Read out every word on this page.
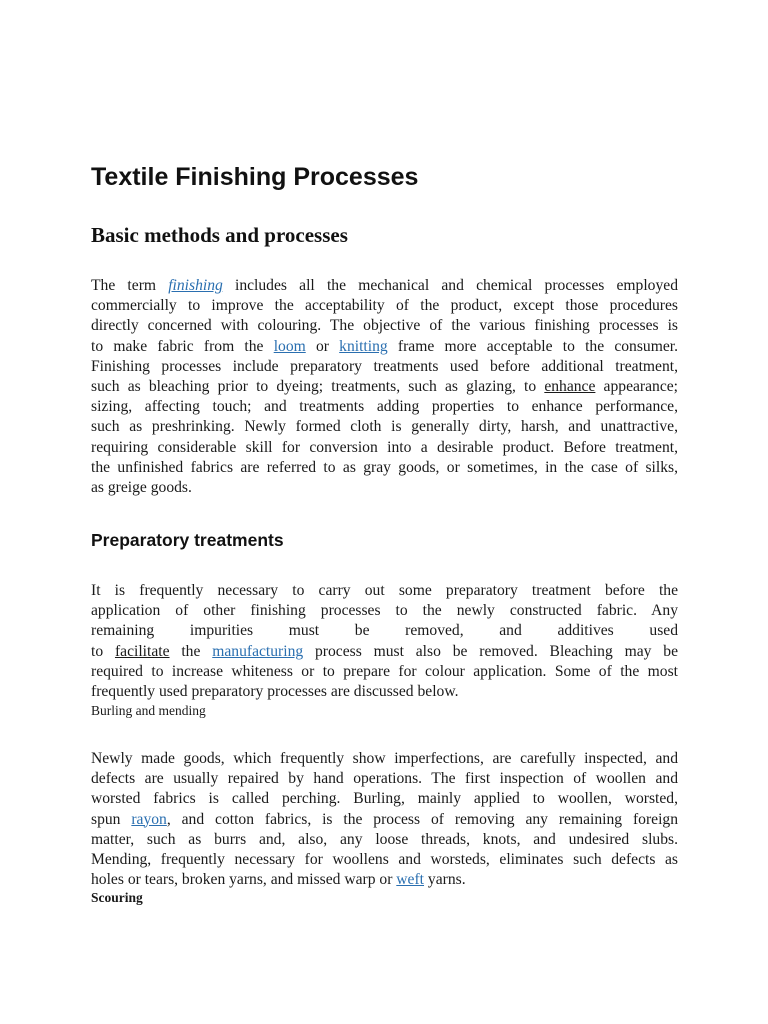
Textile Finishing Processes
Basic methods and processes
The term finishing includes all the mechanical and chemical processes employed
commercially to improve the acceptability of the product, except those procedures
directly concerned with colouring. The objective of the various finishing processes is
to make fabric from the loom or knitting frame more acceptable to the consumer.
Finishing processes include preparatory treatments used before additional treatment,
such as bleaching prior to dyeing; treatments, such as glazing, to enhance appearance;
sizing, affecting touch; and treatments adding properties to enhance performance,
such as preshrinking. Newly formed cloth is generally dirty, harsh, and unattractive,
requiring considerable skill for conversion into a desirable product. Before treatment,
the unfinished fabrics are referred to as gray goods, or sometimes, in the case of silks,
as greige goods.
Preparatory treatments
It is frequently necessary to carry out some preparatory treatment before the
application of other finishing processes to the newly constructed fabric. Any
remaining impurities must be removed, and additives used
to facilitate the manufacturing process must also be removed. Bleaching may be
required to increase whiteness or to prepare for colour application. Some of the most
frequently used preparatory processes are discussed below.
Burling and mending
Newly made goods, which frequently show imperfections, are carefully inspected, and
defects are usually repaired by hand operations. The first inspection of woollen and
worsted fabrics is called perching. Burling, mainly applied to woollen, worsted,
spun rayon, and cotton fabrics, is the process of removing any remaining foreign
matter, such as burrs and, also, any loose threads, knots, and undesired slubs.
Mending, frequently necessary for woollens and worsteds, eliminates such defects as
holes or tears, broken yarns, and missed warp or weft yarns.
Scouring
